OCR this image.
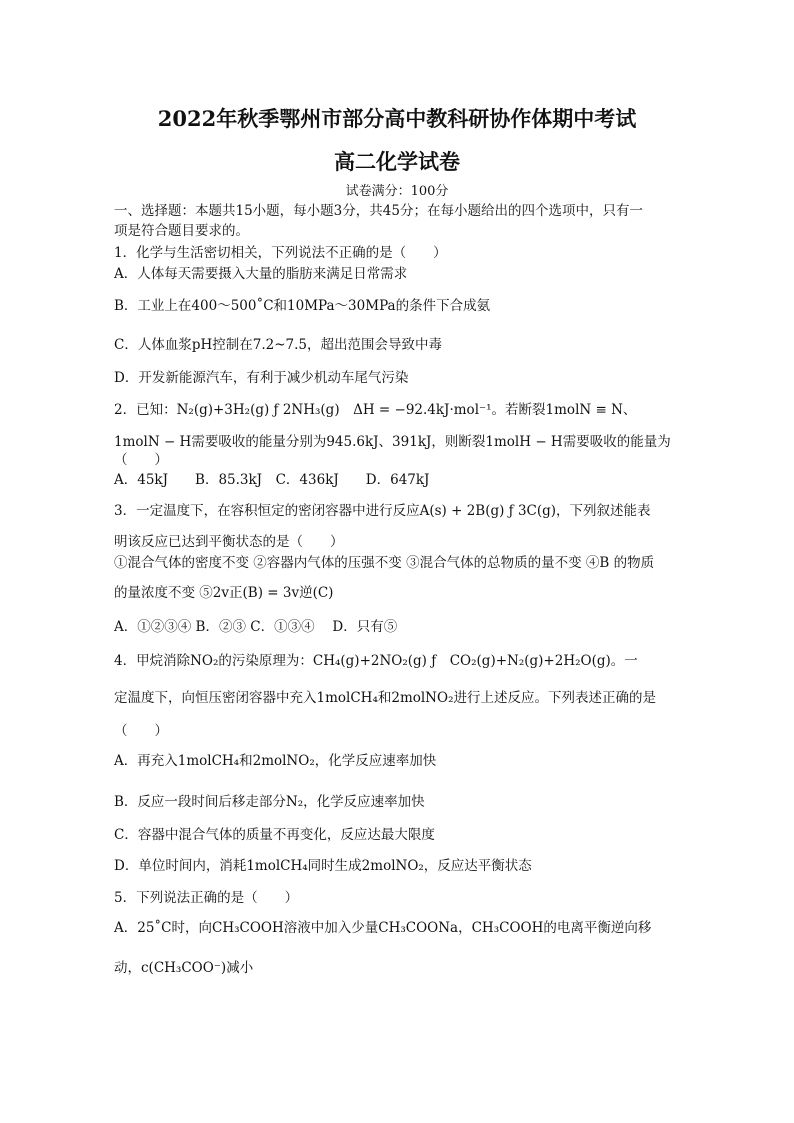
2022年秋季鄂州市部分高中教科研协作体期中考试
高二化学试卷
试卷满分：100分
一、选择题：本题共15小题，每小题3分，共45分；在每小题给出的四个选项中，只有一
项是符合题目要求的。
1．化学与生活密切相关，下列说法不正确的是（　　）
A．人体每天需要摄入大量的脂肪来满足日常需求
B．工业上在400～500˚C和10MPa～30MPa的条件下合成氨
C．人体血浆pH控制在7.2~7.5，超出范围会导致中毒
D．开发新能源汽车，有利于减少机动车尾气污染
2．已知：N₂(g)+3H₂(g) ƒ 2NH₃(g)　ΔH = −92.4kJ·mol⁻¹。若断裂1molN ≡ N、
1molN − H需要吸收的能量分别为945.6kJ、391kJ，则断裂1molH − H需要吸收的能量为
（　　）
A．45kJ　　B．85.3kJ　C．436kJ　　D．647kJ
3．一定温度下，在容积恒定的密闭容器中进行反应A(s) + 2B(g) ƒ 3C(g)，下列叙述能表
明该反应已达到平衡状态的是（　　）
①混合气体的密度不变 ②容器内气体的压强不变 ③混合气体的总物质的量不变 ④B 的物质
的量浓度不变 ⑤2v正(B) = 3v逆(C)
A．①②③④ B．②③ C．①③④　 D．只有⑤
4．甲烷消除NO₂的污染原理为：CH₄(g)+2NO₂(g) ƒ　CO₂(g)+N₂(g)+2H₂O(g)。一
定温度下，向恒压密闭容器中充入1molCH₄和2molNO₂进行上述反应。下列表述正确的是
（　　）
A．再充入1molCH₄和2molNO₂，化学反应速率加快
B．反应一段时间后移走部分N₂，化学反应速率加快
C．容器中混合气体的质量不再变化，反应达最大限度
D．单位时间内，消耗1molCH₄同时生成2molNO₂，反应达平衡状态
5．下列说法正确的是（　　）
A．25˚C时，向CH₃COOH溶液中加入少量CH₃COONa，CH₃COOH的电离平衡逆向移
动，c(CH₃COO⁻)减小
